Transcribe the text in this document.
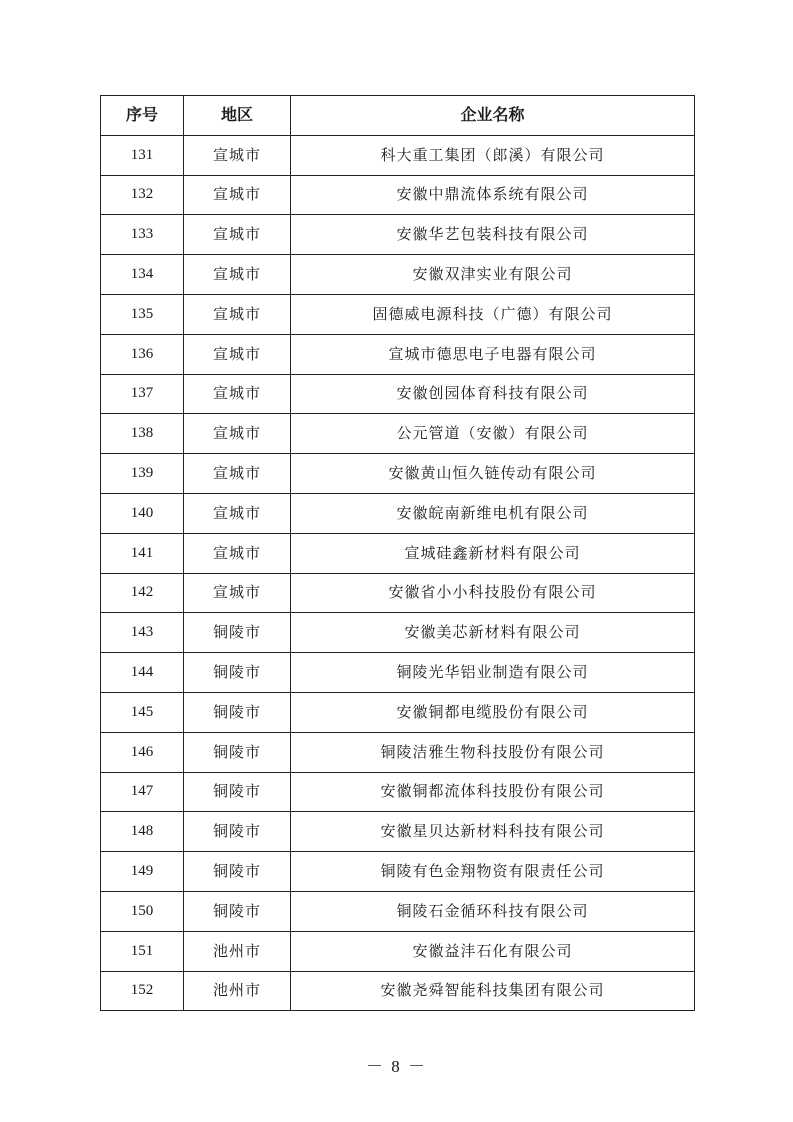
序号	地区	企业名称
131	宣城市	科大重工集团（郎溪）有限公司
132	宣城市	安徽中鼎流体系统有限公司
133	宣城市	安徽华艺包装科技有限公司
134	宣城市	安徽双津实业有限公司
135	宣城市	固德威电源科技（广德）有限公司
136	宣城市	宣城市德思电子电器有限公司
137	宣城市	安徽创园体育科技有限公司
138	宣城市	公元管道（安徽）有限公司
139	宣城市	安徽黄山恒久链传动有限公司
140	宣城市	安徽皖南新维电机有限公司
141	宣城市	宣城硅鑫新材料有限公司
142	宣城市	安徽省小小科技股份有限公司
143	铜陵市	安徽美芯新材料有限公司
144	铜陵市	铜陵光华铝业制造有限公司
145	铜陵市	安徽铜都电缆股份有限公司
146	铜陵市	铜陵洁雅生物科技股份有限公司
147	铜陵市	安徽铜都流体科技股份有限公司
148	铜陵市	安徽星贝达新材料科技有限公司
149	铜陵市	铜陵有色金翔物资有限责任公司
150	铜陵市	铜陵石金循环科技有限公司
151	池州市	安徽益沣石化有限公司
152	池州市	安徽尧舜智能科技集团有限公司
－ 8 －
